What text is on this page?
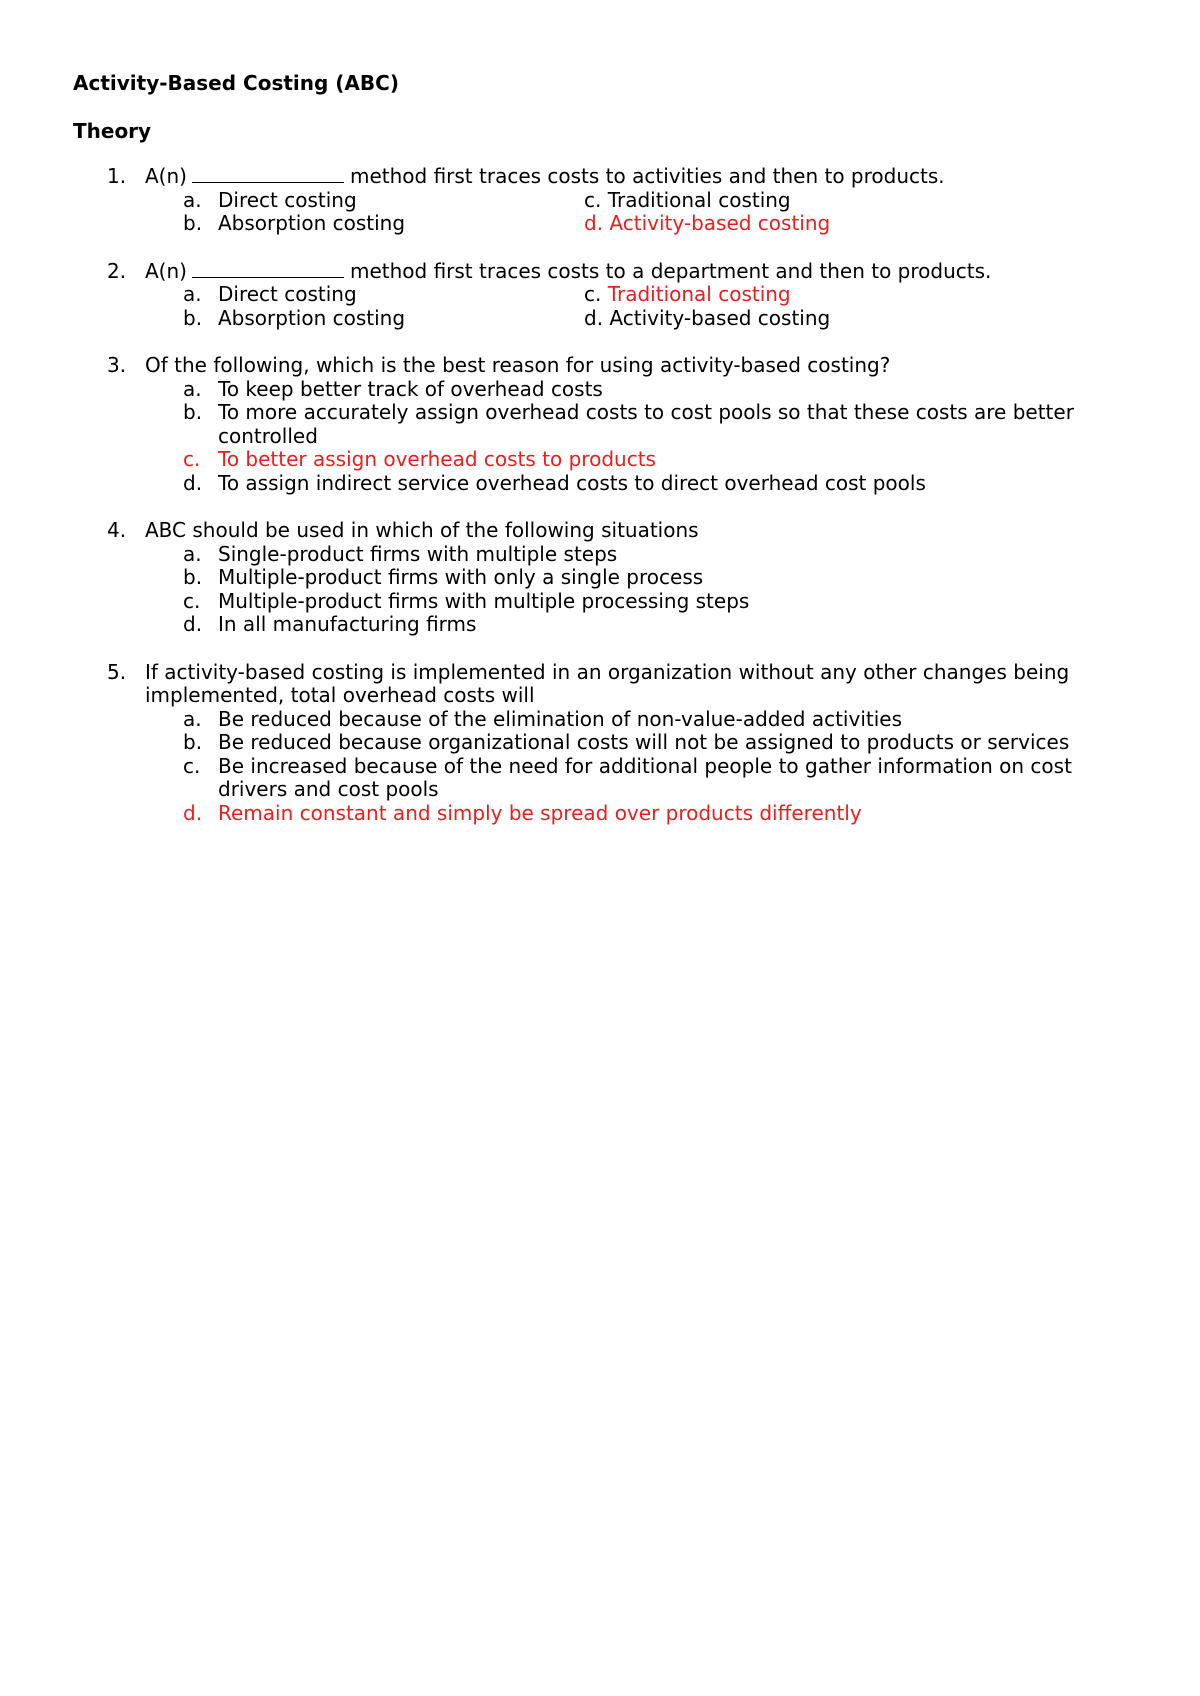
Activity-Based Costing (ABC)
Theory
1. A(n)	method first traces costs to activities and then to products.
a. Direct costing	c. Traditional costing
b. Absorption costing	d. Activity-based costing
2. A(n)	method first traces costs to a department and then to products.
a. Direct costing	c. Traditional costing
b. Absorption costing	d. Activity-based costing
3. Of the following, which is the best reason for using activity-based costing?
a. To keep better track of overhead costs
b. To more accurately assign overhead costs to cost pools so that these costs are better
controlled
c. To better assign overhead costs to products
d. To assign indirect service overhead costs to direct overhead cost pools
4. ABC should be used in which of the following situations
a. Single-product firms with multiple steps
b. Multiple-product firms with only a single process
c. Multiple-product firms with multiple processing steps
d. In all manufacturing firms
5. If activity-based costing is implemented in an organization without any other changes being
implemented, total overhead costs will
a. Be reduced because of the elimination of non-value-added activities
b. Be reduced because organizational costs will not be assigned to products or services
c. Be increased because of the need for additional people to gather information on cost
drivers and cost pools
d. Remain constant and simply be spread over products differently
